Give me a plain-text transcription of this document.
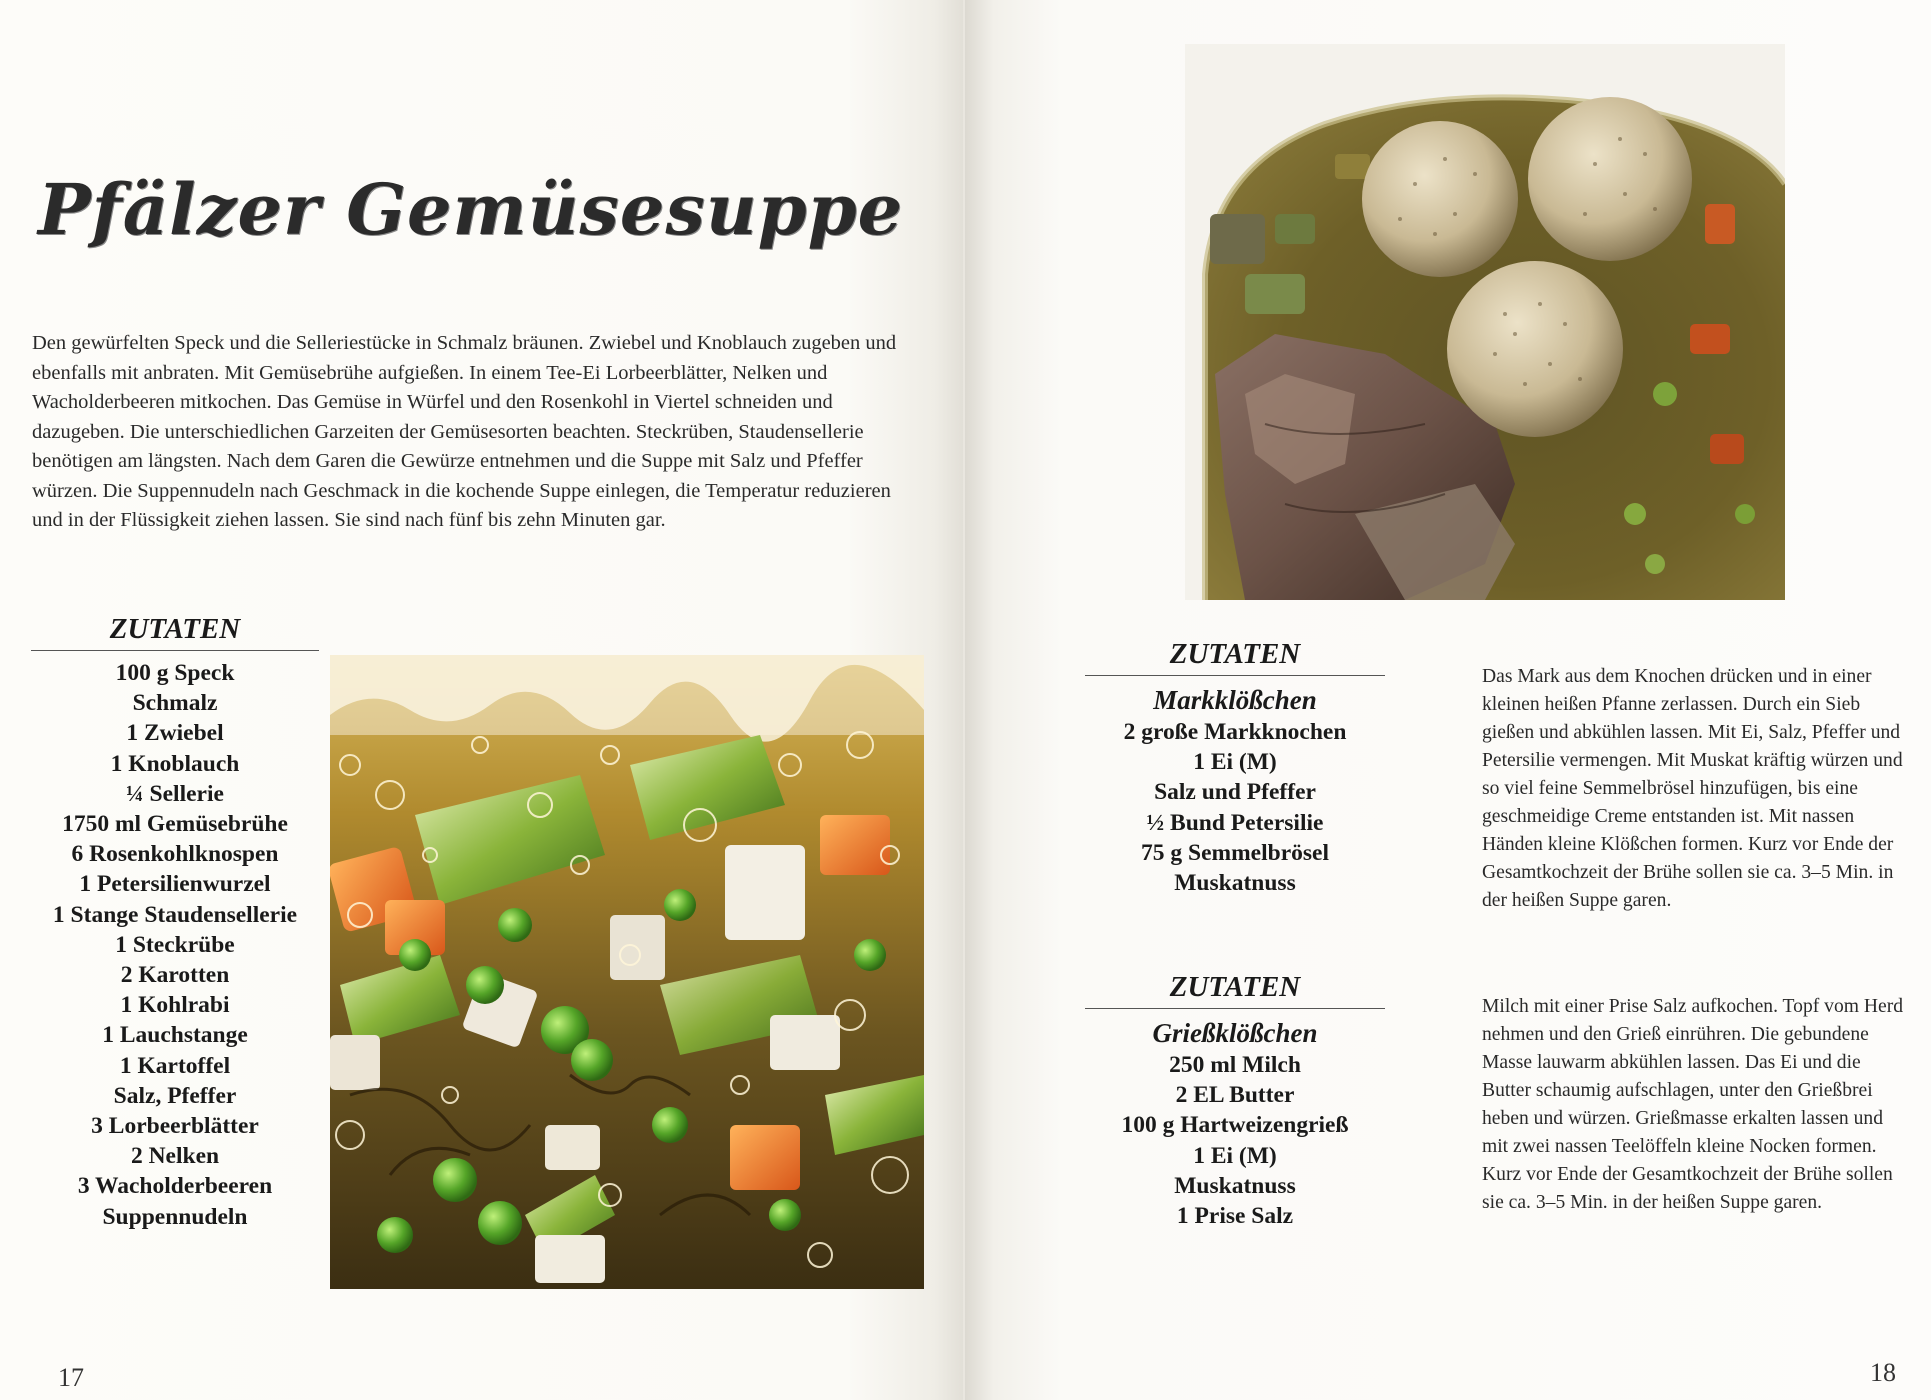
Pfälzer Gemüsesuppe
Den gewürfelten Speck und die Selleriestücke in Schmalz bräunen. Zwiebel und Knoblauch zugeben und ebenfalls mit anbraten. Mit Gemüsebrühe aufgießen. In einem Tee-Ei Lorbeerblätter, Nelken und Wacholderbeeren mitkochen. Das Gemüse in Würfel und den Rosenkohl in Viertel schneiden und dazugeben. Die unterschiedlichen Garzeiten der Gemüsesorten beachten. Steckrüben, Staudensellerie benötigen am längsten. Nach dem Garen die Gewürze entnehmen und die Suppe mit Salz und Pfeffer würzen. Die Suppennudeln nach Geschmack in die kochende Suppe einlegen, die Temperatur reduzieren und in der Flüssigkeit ziehen lassen. Sie sind nach fünf bis zehn Minuten gar.
ZUTATEN
100 g Speck
Schmalz
1 Zwiebel
1 Knoblauch
¼ Sellerie
1750 ml Gemüsebrühe
6 Rosenkohlknospen
1 Petersilienwurzel
1 Stange Staudensellerie
1 Steckrübe
2 Karotten
1 Kohlrabi
1 Lauchstange
1 Kartoffel
Salz, Pfeffer
3 Lorbeerblätter
2 Nelken
3 Wacholderbeeren
Suppennudeln
17
ZUTATEN
Markklößchen
2 große Markknochen
1 Ei (M)
Salz und Pfeffer
½ Bund Petersilie
75 g Semmelbrösel
Muskatnuss
Das Mark aus dem Knochen drücken und in einer kleinen heißen Pfanne zerlassen. Durch ein Sieb gießen und abkühlen lassen. Mit Ei, Salz, Pfeffer und Petersilie vermengen. Mit Muskat kräftig würzen und so viel feine Semmelbrösel hinzufügen, bis eine geschmeidige Creme entstanden ist. Mit nassen Händen kleine Klößchen formen. Kurz vor Ende der Gesamtkochzeit der Brühe sollen sie ca. 3–5 Min. in der heißen Suppe garen.
ZUTATEN
Grießklößchen
250 ml Milch
2 EL Butter
100 g Hartweizengrieß
1 Ei (M)
Muskatnuss
1 Prise Salz
Milch mit einer Prise Salz aufkochen. Topf vom Herd nehmen und den Grieß einrühren. Die gebundene Masse lauwarm abkühlen lassen. Das Ei und die Butter schaumig aufschlagen, unter den Grießbrei heben und würzen. Grießmasse erkalten lassen und mit zwei nassen Teelöffeln kleine Nocken formen. Kurz vor Ende der Gesamtkochzeit der Brühe sollen sie ca. 3–5 Min. in der heißen Suppe garen.
18
